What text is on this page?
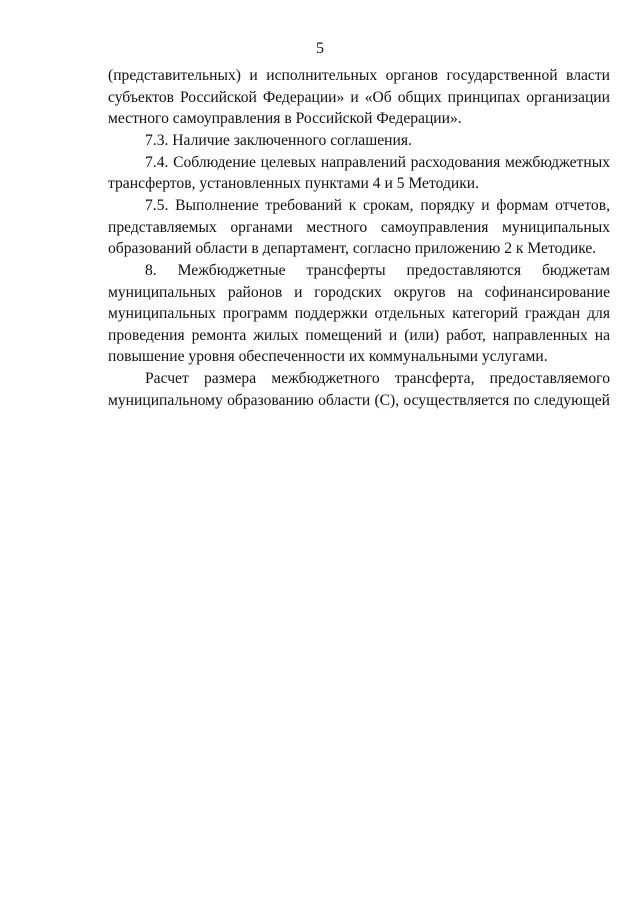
5
(представительных) и исполнительных органов государственной власти
субъектов Российской Федерации» и «Об общих принципах организации
местного самоуправления в Российской Федерации».
7.3. Наличие заключенного соглашения.
7.4. Соблюдение целевых направлений расходования межбюджетных
трансфертов, установленных пунктами 4 и 5 Методики.
7.5. Выполнение требований к срокам, порядку и формам отчетов,
представляемых органами местного самоуправления муниципальных
образований области в департамент, согласно приложению 2 к Методике.
8. Межбюджетные трансферты предоставляются бюджетам
муниципальных районов и городских округов на софинансирование
муниципальных программ поддержки отдельных категорий граждан для
проведения ремонта жилых помещений и (или) работ, направленных на
повышение уровня обеспеченности их коммунальными услугами.
Расчет размера межбюджетного трансферта, предоставляемого
муниципальному образованию области (С), осуществляется по следующей
